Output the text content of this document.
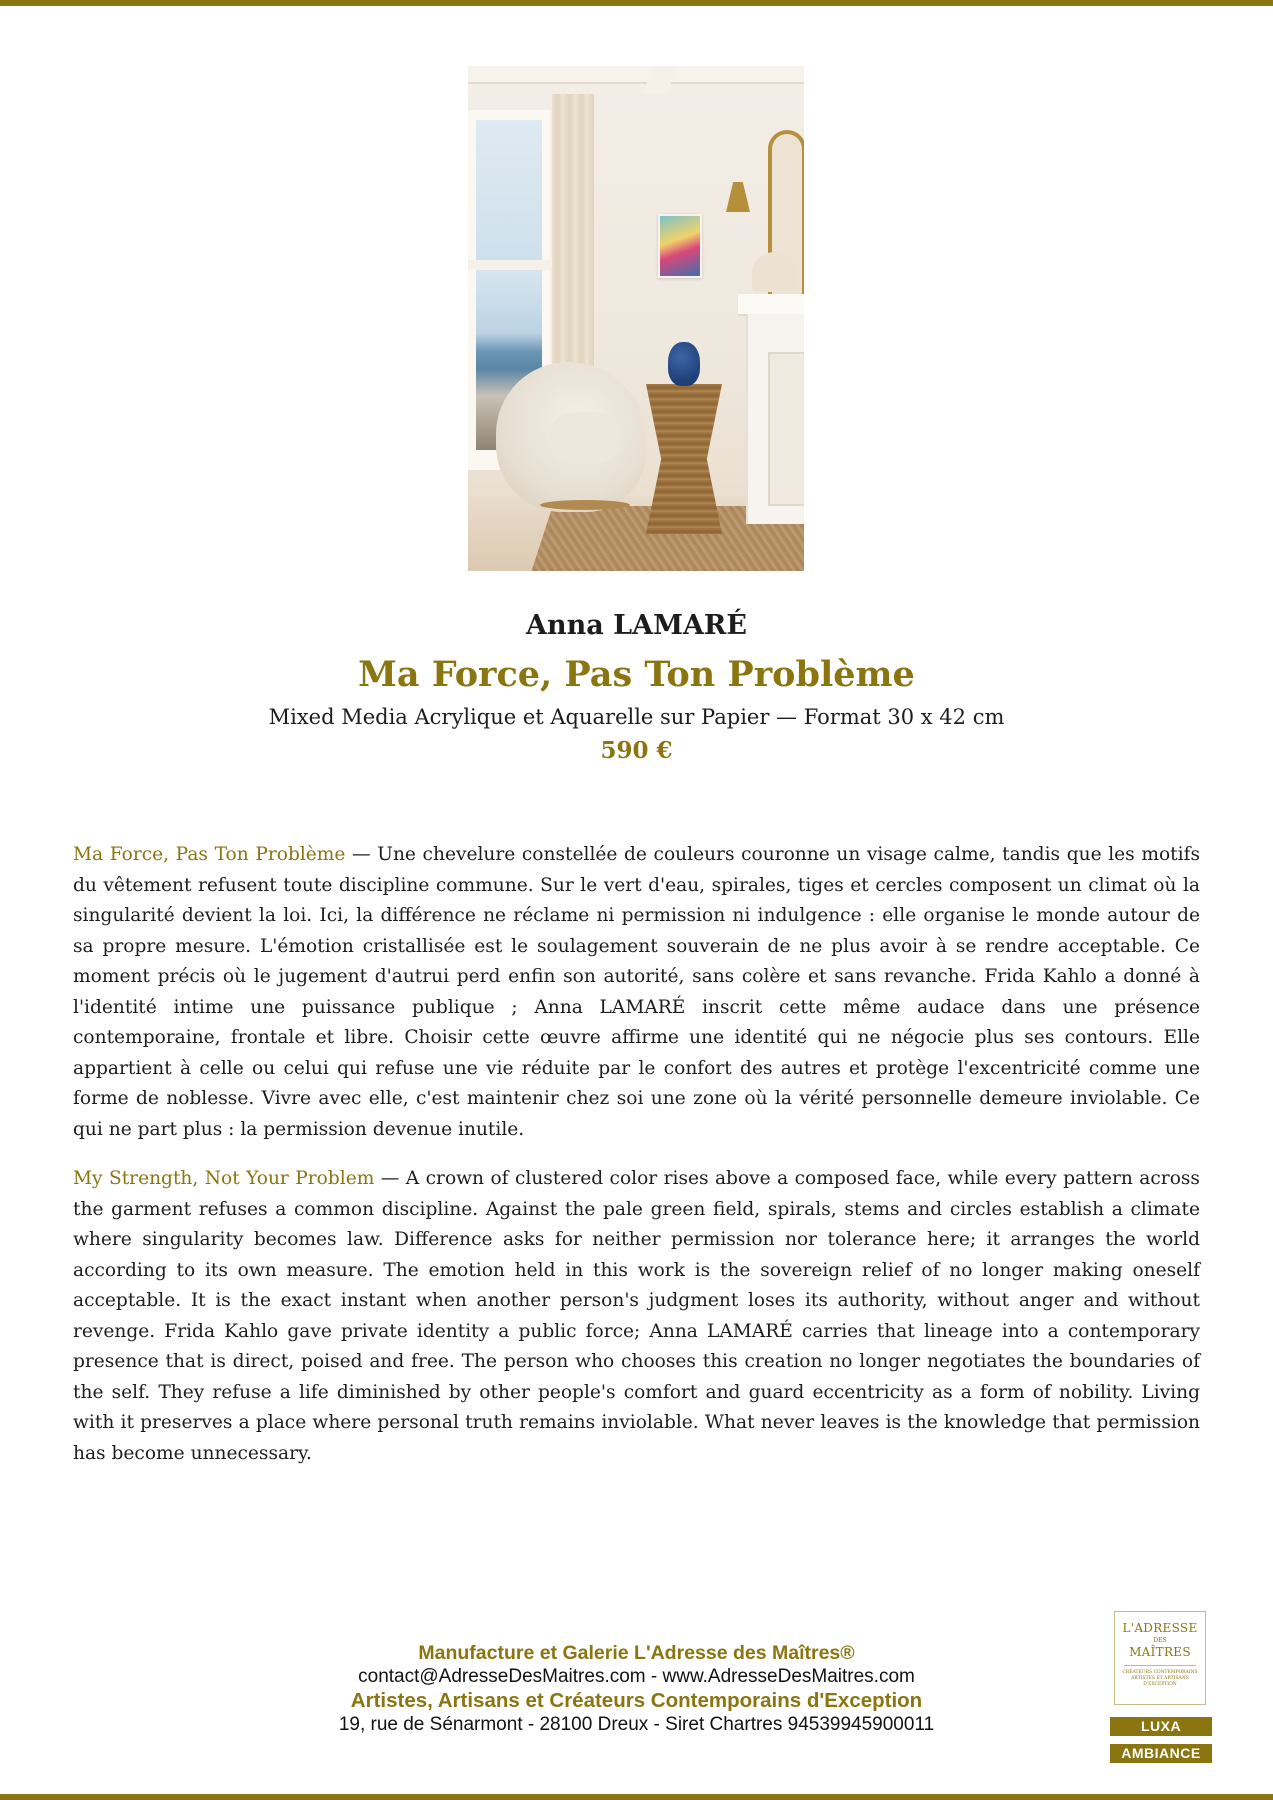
Anna LAMARÉ
Ma Force, Pas Ton Problème
Mixed Media Acrylique et Aquarelle sur Papier — Format 30 x 42 cm
590 €

Ma Force, Pas Ton Problème — Une chevelure constellée de couleurs couronne un visage calme, tandis que les motifs du vêtement refusent toute discipline commune. Sur le vert d'eau, spirales, tiges et cercles composent un climat où la singularité devient la loi. Ici, la différence ne réclame ni permission ni indulgence : elle organise le monde autour de sa propre mesure. L'émotion cristallisée est le soulagement souverain de ne plus avoir à se rendre acceptable. Ce moment précis où le jugement d'autrui perd enfin son autorité, sans colère et sans revanche. Frida Kahlo a donné à l'identité intime une puissance publique ; Anna LAMARÉ inscrit cette même audace dans une présence contemporaine, frontale et libre. Choisir cette œuvre affirme une identité qui ne négocie plus ses contours. Elle appartient à celle ou celui qui refuse une vie réduite par le confort des autres et protège l'excentricité comme une forme de noblesse. Vivre avec elle, c'est maintenir chez soi une zone où la vérité personnelle demeure inviolable. Ce qui ne part plus : la permission devenue inutile.

My Strength, Not Your Problem — A crown of clustered color rises above a composed face, while every pattern across the garment refuses a common discipline. Against the pale green field, spirals, stems and circles establish a climate where singularity becomes law. Difference asks for neither permission nor tolerance here; it arranges the world according to its own measure. The emotion held in this work is the sovereign relief of no longer making oneself acceptable. It is the exact instant when another person's judgment loses its authority, without anger and without revenge. Frida Kahlo gave private identity a public force; Anna LAMARÉ carries that lineage into a contemporary presence that is direct, poised and free. The person who chooses this creation no longer negotiates the boundaries of the self. They refuse a life diminished by other people's comfort and guard eccentricity as a form of nobility. Living with it preserves a place where personal truth remains inviolable. What never leaves is the knowledge that permission has become unnecessary.

Manufacture et Galerie L'Adresse des Maîtres®
contact@AdresseDesMaitres.com - www.AdresseDesMaitres.com
Artistes, Artisans et Créateurs Contemporains d'Exception
19, rue de Sénarmont - 28100 Dreux - Siret Chartres 94539945900011
L'ADRESSE
DES
MAÎTRES
CRÉATEURS CONTEMPORAINS ARTISTES ET ARTISANS D'EXCEPTION
LUXA
AMBIANCE
